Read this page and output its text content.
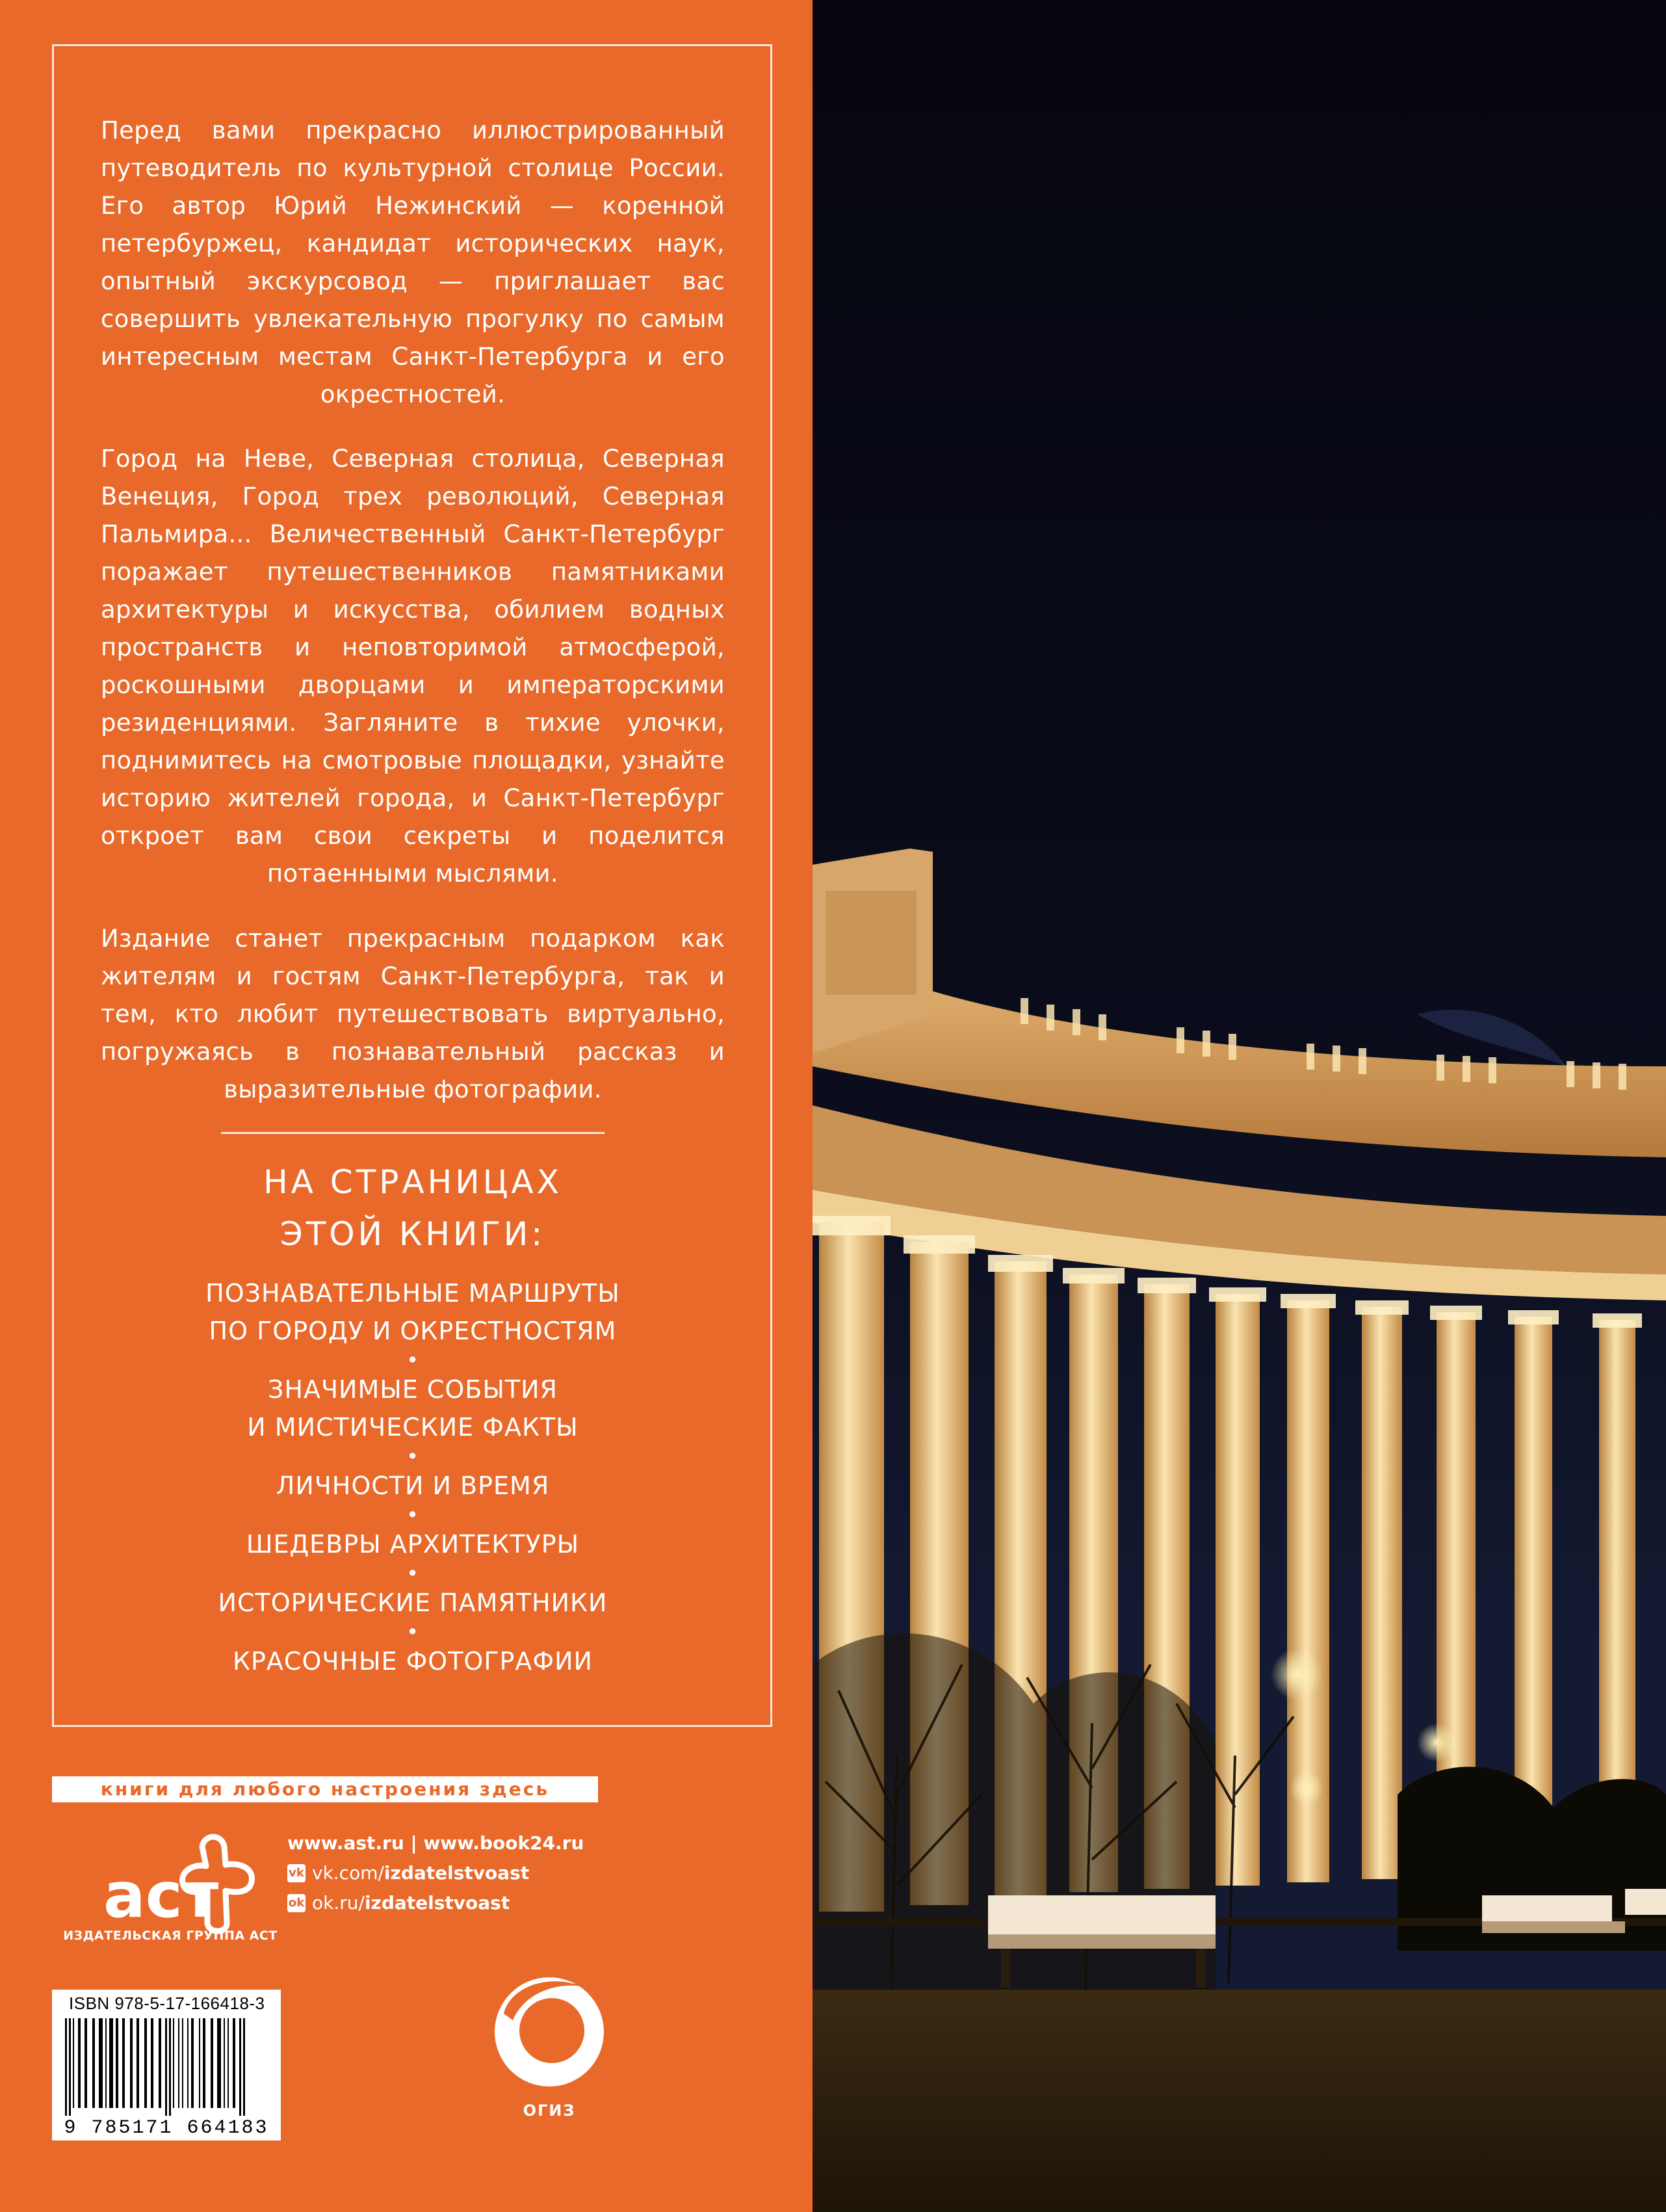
Перед вами прекрасно иллюстрированный путеводитель по культурной столице России. Его автор Юрий Нежинский — коренной петербуржец, кандидат исторических наук, опытный экскурсовод — приглашает вас совершить увлекательную прогулку по самым интересным местам Санкт-Петербурга и его окрестностей.

Город на Неве, Северная столица, Северная Венеция, Город трех революций, Северная Пальмира... Величественный Санкт-Петербург поражает путешественников памятниками архитектуры и искусства, обилием водных пространств и неповторимой атмосферой, роскошными дворцами и императорскими резиденциями. Загляните в тихие улочки, поднимитесь на смотровые площадки, узнайте историю жителей города, и Санкт-Петербург откроет вам свои секреты и поделится потаенными мыслями.

Издание станет прекрасным подарком как жителям и гостям Санкт-Петербурга, так и тем, кто любит путешествовать виртуально, погружаясь в познавательный рассказ и выразительные фотографии.

НА СТРАНИЦАХ
ЭТОЙ КНИГИ:
ПОЗНАВАТЕЛЬНЫЕ МАРШРУТЫ
ПО ГОРОДУ И ОКРЕСТНОСТЯМ
•
ЗНАЧИМЫЕ СОБЫТИЯ
И МИСТИЧЕСКИЕ ФАКТЫ
•
ЛИЧНОСТИ И ВРЕМЯ
•
ШЕДЕВРЫ АРХИТЕКТУРЫ
•
ИСТОРИЧЕСКИЕ ПАМЯТНИКИ
•
КРАСОЧНЫЕ ФОТОГРАФИИ
книги для любого настроения здесь
аст
ИЗДАТЕЛЬСКАЯ ГРУППА АСТ
www.ast.ru | www.book24.ru
vk vk.com/izdatelstvoast
ok ok.ru/izdatelstvoast
ISBN 978-5-17-166418-3
9 785171 664183
ОГИЗ
